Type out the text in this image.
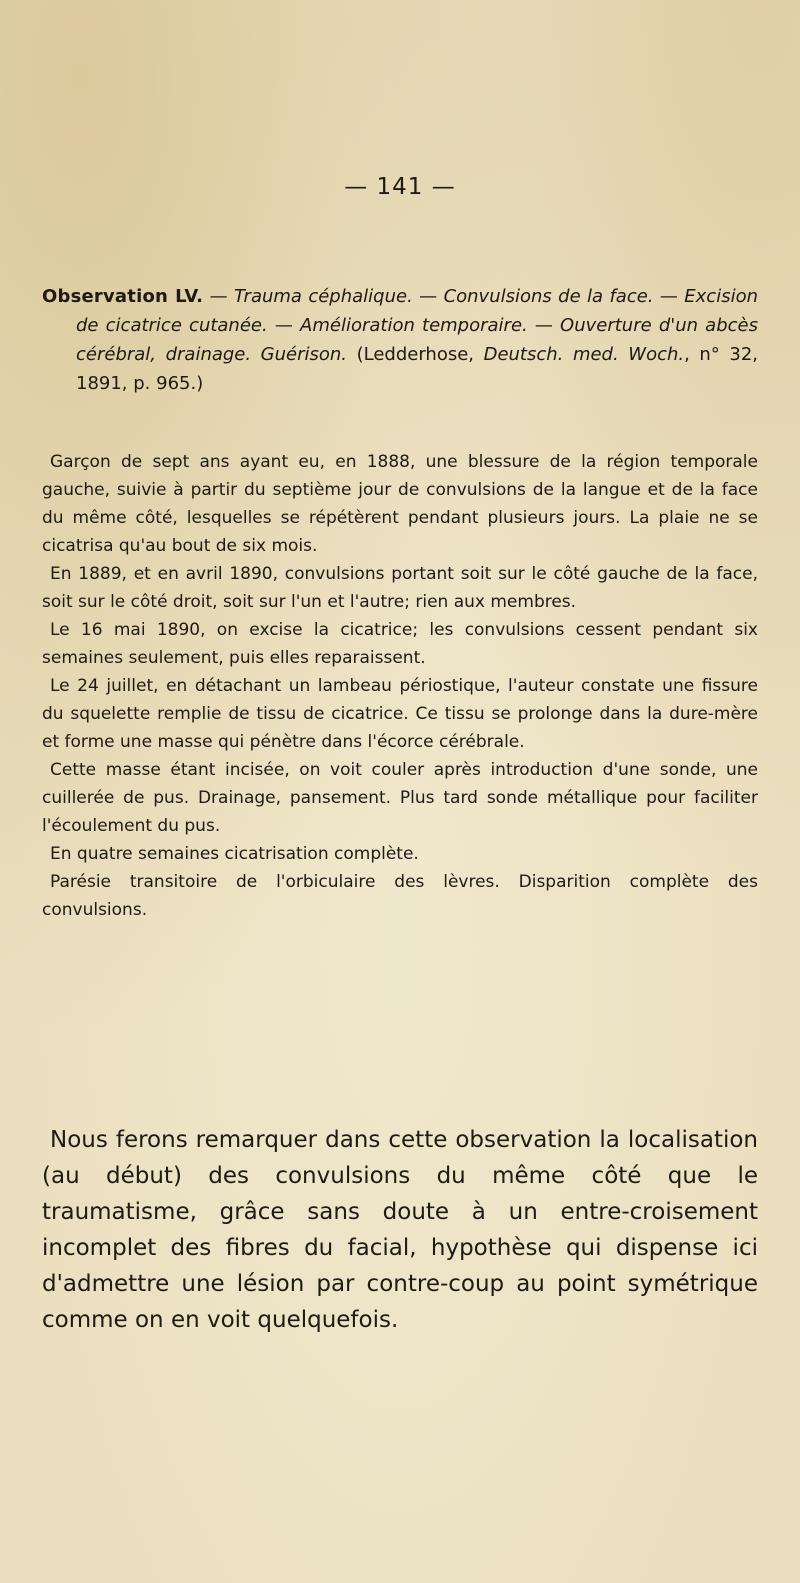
— 141 —
Observation LV. — Trauma céphalique. — Convulsions de la face. — Excision de cicatrice cutanée. — Amélioration temporaire. — Ouverture d'un abcès cérébral, drainage. Guérison. (Ledderhose, Deutsch. med. Woch., n° 32, 1891, p. 965.)

Garçon de sept ans ayant eu, en 1888, une blessure de la région temporale gauche, suivie à partir du septième jour de convulsions de la langue et de la face du même côté, lesquelles se répétèrent pendant plusieurs jours. La plaie ne se cicatrisa qu'au bout de six mois.

En 1889, et en avril 1890, convulsions portant soit sur le côté gauche de la face, soit sur le côté droit, soit sur l'un et l'autre; rien aux membres.

Le 16 mai 1890, on excise la cicatrice; les convulsions cessent pendant six semaines seulement, puis elles reparaissent.

Le 24 juillet, en détachant un lambeau périostique, l'auteur constate une fissure du squelette remplie de tissu de cicatrice. Ce tissu se prolonge dans la dure-mère et forme une masse qui pénètre dans l'écorce cérébrale.

Cette masse étant incisée, on voit couler après introduction d'une sonde, une cuillerée de pus. Drainage, pansement. Plus tard sonde métallique pour faciliter l'écoulement du pus.

En quatre semaines cicatrisation complète.

Parésie transitoire de l'orbiculaire des lèvres. Disparition complète des convulsions.

Nous ferons remarquer dans cette observation la localisation (au début) des convulsions du même côté que le traumatisme, grâce sans doute à un entre-croisement incomplet des fibres du facial, hypothèse qui dispense ici d'admettre une lésion par contre-coup au point symétrique comme on en voit quelquefois.
